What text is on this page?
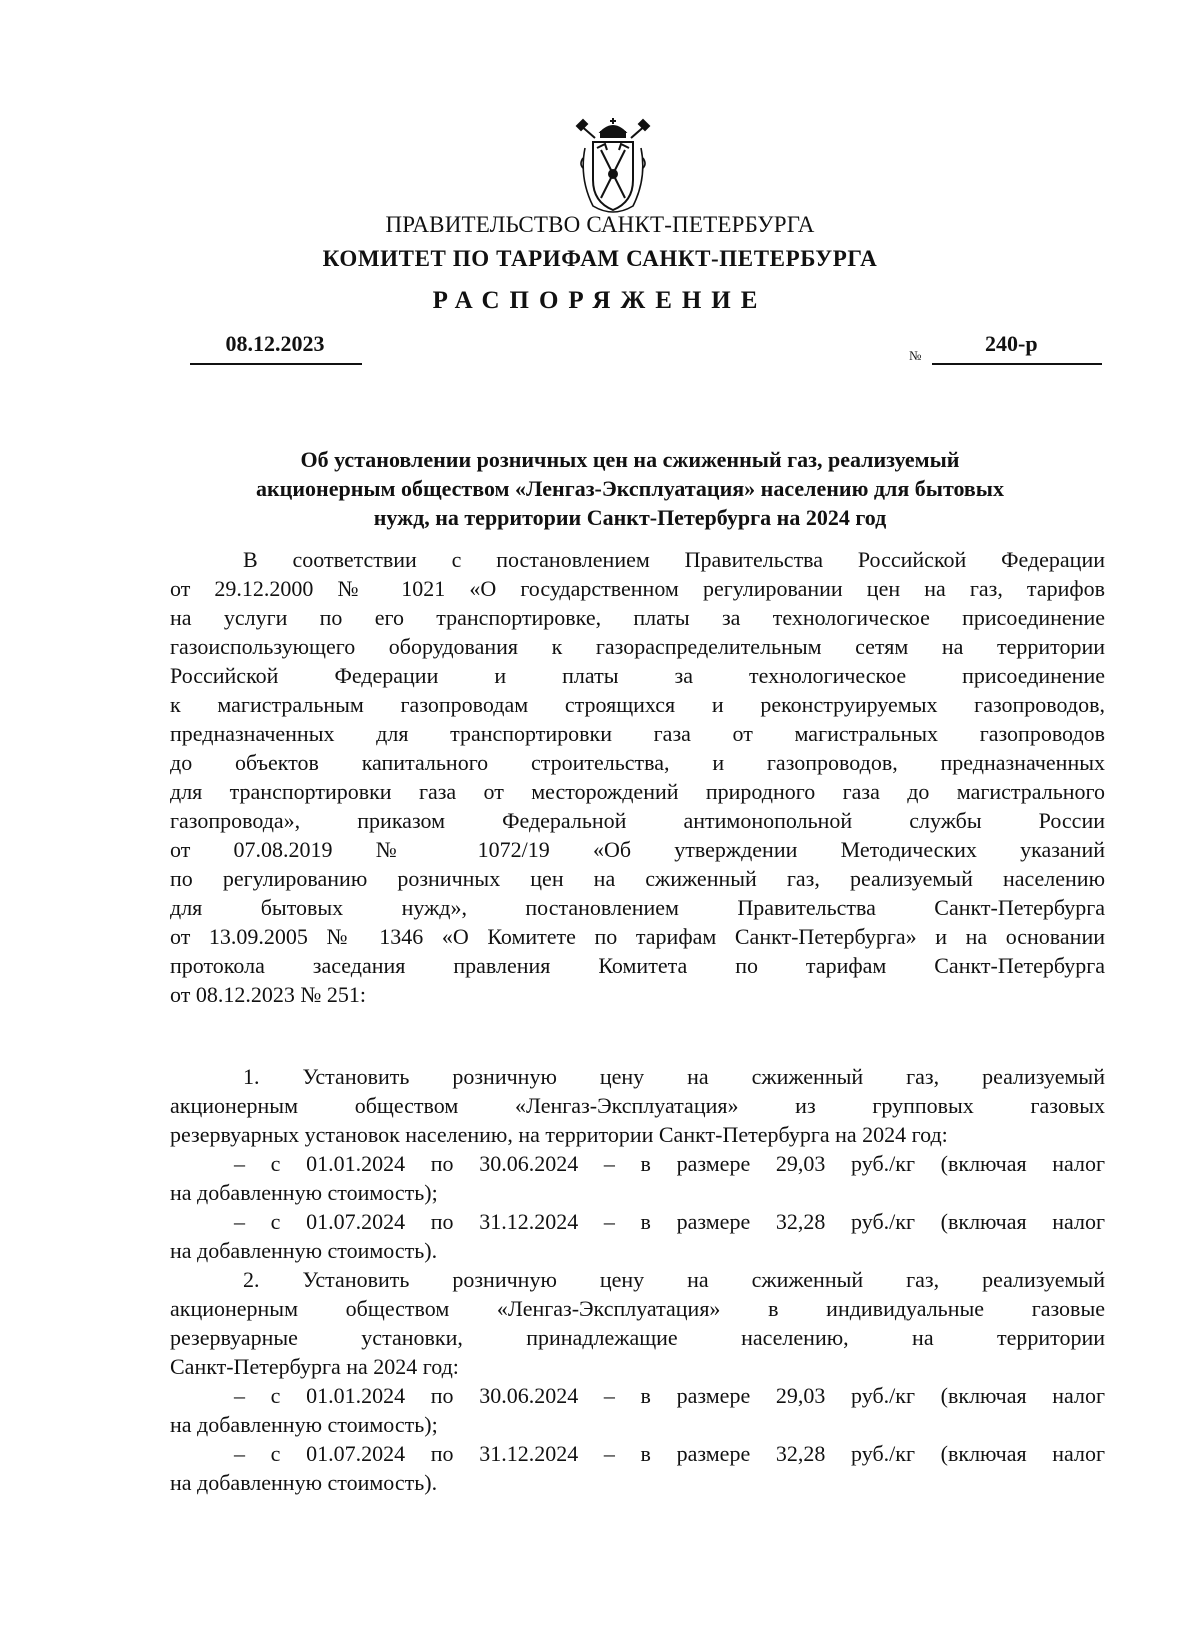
ПРАВИТЕЛЬСТВО САНКТ-ПЕТЕРБУРГА
КОМИТЕТ ПО ТАРИФАМ САНКТ-ПЕТЕРБУРГА
РАСПОРЯЖЕНИЕ
08.12.2023	№	240-р
Об установлении розничных цен на сжиженный газ, реализуемый
акционерным обществом «Ленгаз-Эксплуатация» населению для бытовых
нужд, на территории Санкт-Петербурга на 2024 год
В соответствии с постановлением Правительства Российской Федерации
от 29.12.2000 № 1021 «О государственном регулировании цен на газ, тарифов
на услуги по его транспортировке, платы за технологическое присоединение
газоиспользующего оборудования к газораспределительным сетям на территории
Российской Федерации и платы за технологическое присоединение
к магистральным газопроводам строящихся и реконструируемых газопроводов,
предназначенных для транспортировки газа от магистральных газопроводов
до объектов капитального строительства, и газопроводов, предназначенных
для транспортировки газа от месторождений природного газа до магистрального
газопровода», приказом Федеральной антимонопольной службы России
от 07.08.2019 № 1072/19 «Об утверждении Методических указаний
по регулированию розничных цен на сжиженный газ, реализуемый населению
для бытовых нужд», постановлением Правительства Санкт-Петербурга
от 13.09.2005 № 1346 «О Комитете по тарифам Санкт-Петербурга» и на основании
протокола заседания правления Комитета по тарифам Санкт-Петербурга
от 08.12.2023 № 251:
1. Установить розничную цену на сжиженный газ, реализуемый
акционерным обществом «Ленгаз-Эксплуатация» из групповых газовых
резервуарных установок населению, на территории Санкт-Петербурга на 2024 год:
– с 01.01.2024 по 30.06.2024 – в размере 29,03 руб./кг (включая налог
на добавленную стоимость);
– с 01.07.2024 по 31.12.2024 – в размере 32,28 руб./кг (включая налог
на добавленную стоимость).
2. Установить розничную цену на сжиженный газ, реализуемый
акционерным обществом «Ленгаз-Эксплуатация» в индивидуальные газовые
резервуарные установки, принадлежащие населению, на территории
Санкт-Петербурга на 2024 год:
– с 01.01.2024 по 30.06.2024 – в размере 29,03 руб./кг (включая налог
на добавленную стоимость);
– с 01.07.2024 по 31.12.2024 – в размере 32,28 руб./кг (включая налог
на добавленную стоимость).
